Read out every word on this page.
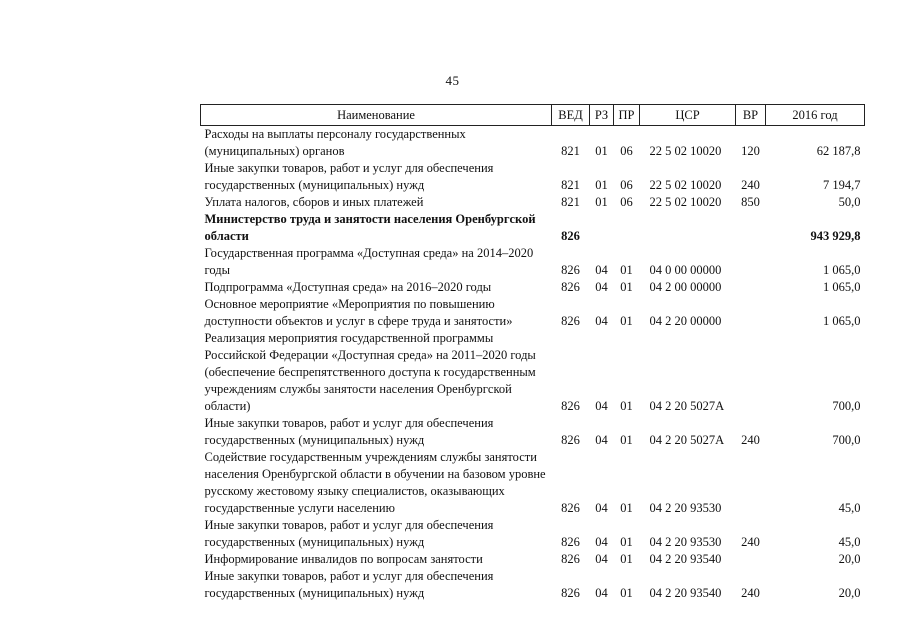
45
Наименование	ВЕД	РЗ	ПР	ЦСР	ВР	2016 год
Расходы на выплаты персоналу государственных (муниципальных) органов	821	01	06	22 5 02 10020	120	62 187,8
Иные закупки товаров, работ и услуг для обеспечения государственных (муниципальных) нужд	821	01	06	22 5 02 10020	240	7 194,7
Уплата налогов, сборов и иных платежей	821	01	06	22 5 02 10020	850	50,0
Министерство труда и занятости населения Оренбургской области	826					943 929,8
Государственная программа «Доступная среда» на 2014–2020 годы	826	04	01	04 0 00 00000		1 065,0
Подпрограмма «Доступная среда» на 2016–2020 годы	826	04	01	04 2 00 00000		1 065,0
Основное мероприятие «Мероприятия по повышению доступности объектов и услуг в сфере труда и занятости»	826	04	01	04 2 20 00000		1 065,0
Реализация мероприятия государственной программы Российской Федерации «Доступная среда» на 2011–2020 годы (обеспечение беспрепятственного доступа к государственным учреждениям службы занятости населения Оренбургской области)	826	04	01	04 2 20 5027А		700,0
Иные закупки товаров, работ и услуг для обеспечения государственных (муниципальных) нужд	826	04	01	04 2 20 5027А	240	700,0
Содействие государственным учреждениям службы занятости населения Оренбургской области в обучении на базовом уровне русскому жестовому языку специалистов, оказывающих государственные услуги населению	826	04	01	04 2 20 93530		45,0
Иные закупки товаров, работ и услуг для обеспечения государственных (муниципальных) нужд	826	04	01	04 2 20 93530	240	45,0
Информирование инвалидов по вопросам занятости	826	04	01	04 2 20 93540		20,0
Иные закупки товаров, работ и услуг для обеспечения государственных (муниципальных) нужд	826	04	01	04 2 20 93540	240	20,0
